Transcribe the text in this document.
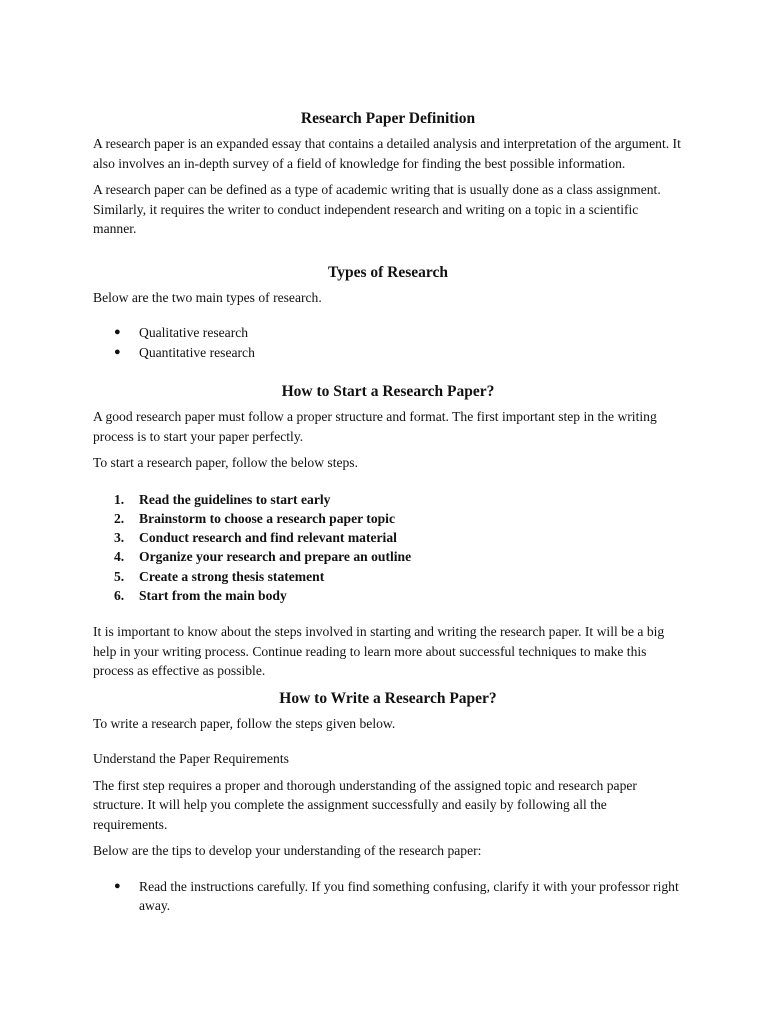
Research Paper Definition

A research paper is an expanded essay that contains a detailed analysis and interpretation of the argument. It also involves an in-depth survey of a field of knowledge for finding the best possible information.

A research paper can be defined as a type of academic writing that is usually done as a class assignment. Similarly, it requires the writer to conduct independent research and writing on a topic in a scientific manner.

Types of Research

Below are the two main types of research.

● Qualitative research
● Quantitative research
How to Start a Research Paper?

A good research paper must follow a proper structure and format. The first important step in the writing process is to start your paper perfectly.

To start a research paper, follow the below steps.

1. Read the guidelines to start early
2. Brainstorm to choose a research paper topic
3. Conduct research and find relevant material
4. Organize your research and prepare an outline
5. Create a strong thesis statement
6. Start from the main body

It is important to know about the steps involved in starting and writing the research paper. It will be a big help in your writing process. Continue reading to learn more about successful techniques to make this process as effective as possible.

How to Write a Research Paper?

To write a research paper, follow the steps given below.

Understand the Paper Requirements

The first step requires a proper and thorough understanding of the assigned topic and research paper structure. It will help you complete the assignment successfully and easily by following all the requirements.

Below are the tips to develop your understanding of the research paper:

● Read the instructions carefully. If you find something confusing, clarify it with your professor right away.
